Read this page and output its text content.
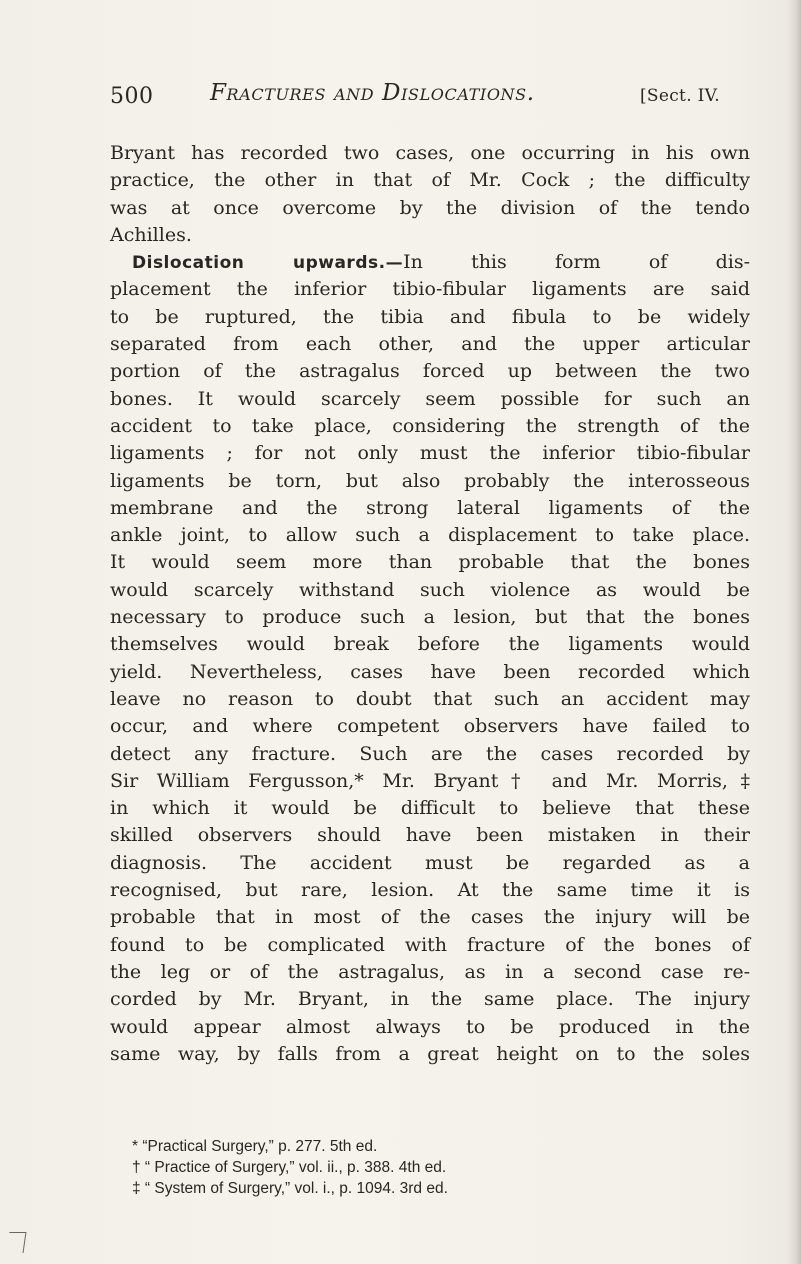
500 Fractures and Dislocations.	[Sect. IV.
Bryant has recorded two cases, one occurring in his own
practice, the other in that of Mr. Cock ; the difficulty
was at once overcome by the division of the tendo
Achilles.
Dislocation upwards.—In this form of dis-
placement the inferior tibio-fibular ligaments are said
to be ruptured, the tibia and fibula to be widely
separated from each other, and the upper articular
portion of the astragalus forced up between the two
bones. It would scarcely seem possible for such an
accident to take place, considering the strength of the
ligaments ; for not only must the inferior tibio-fibular
ligaments be torn, but also probably the interosseous
membrane and the strong lateral ligaments of the
ankle joint, to allow such a displacement to take place.
It would seem more than probable that the bones
would scarcely withstand such violence as would be
necessary to produce such a lesion, but that the bones
themselves would break before the ligaments would
yield. Nevertheless, cases have been recorded which
leave no reason to doubt that such an accident may
occur, and where competent observers have failed to
detect any fracture. Such are the cases recorded by
Sir William Fergusson,* Mr. Bryant† and Mr. Morris,‡
in which it would be difficult to believe that these
skilled observers should have been mistaken in their
diagnosis. The accident must be regarded as a
recognised, but rare, lesion. At the same time it is
probable that in most of the cases the injury will be
found to be complicated with fracture of the bones of
the leg or of the astragalus, as in a second case re-
corded by Mr. Bryant, in the same place. The injury
would appear almost always to be produced in the
same way, by falls from a great height on to the soles
* “Practical Surgery,” p. 277. 5th ed.
† “ Practice of Surgery,” vol. ii., p. 388. 4th ed.
‡ “ System of Surgery,” vol. i., p. 1094. 3rd ed.
